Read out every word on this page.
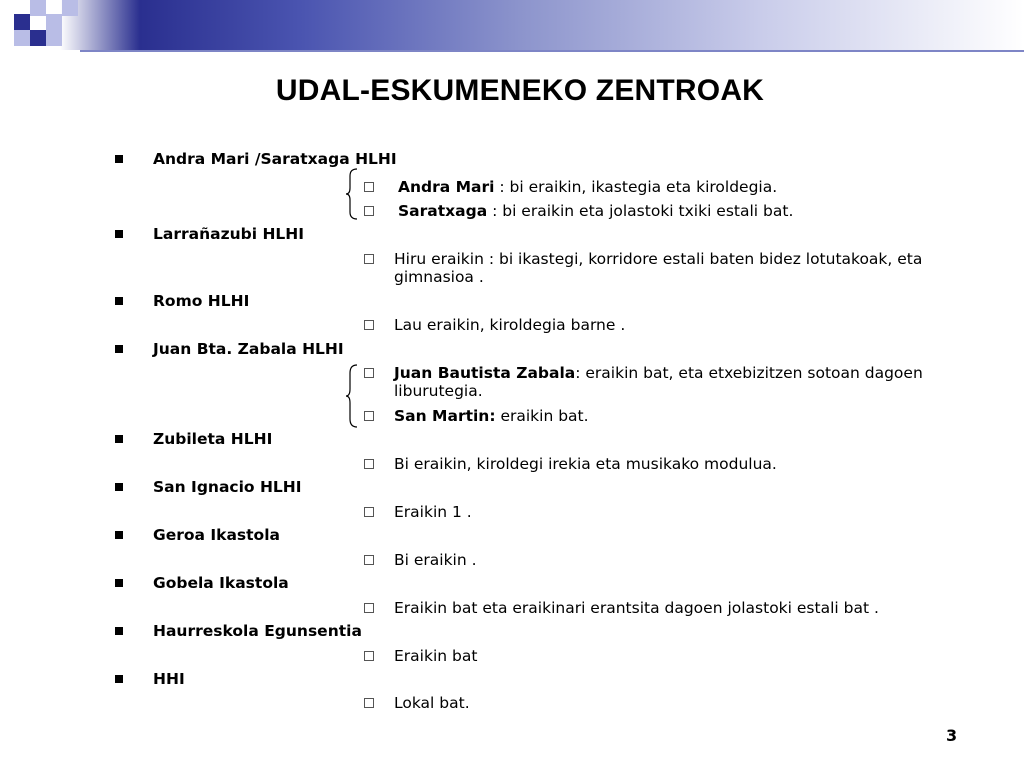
UDAL-ESKUMENEKO ZENTROAK
Andra Mari /Saratxaga HLHI
Larrañazubi HLHI
Romo HLHI
Juan Bta. Zabala HLHI
Zubileta HLHI
San Ignacio HLHI
Geroa Ikastola
Gobela Ikastola
Haurreskola Egunsentia
HHI
Andra Mari : bi eraikin, ikastegia eta kiroldegia.
Saratxaga : bi eraikin eta jolastoki txiki estali bat.
Hiru eraikin : bi ikastegi, korridore estali baten bidez lotutakoak, eta gimnasioa .
Lau eraikin, kiroldegia barne .
Juan Bautista Zabala: eraikin bat, eta etxebizitzen sotoan dagoen liburutegia.
San Martin: eraikin bat.
Bi eraikin, kiroldegi irekia eta musikako modulua.
Eraikin 1 .
Bi eraikin .
Eraikin bat eta eraikinari erantsita dagoen jolastoki estali bat .
Eraikin bat
Lokal bat.
3
